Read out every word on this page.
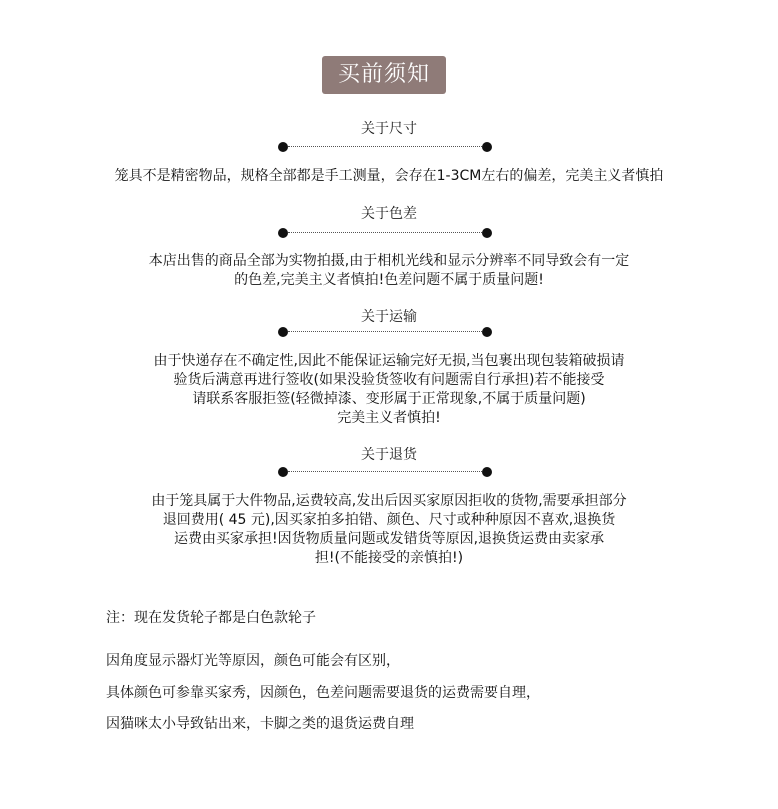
买前须知
关于尺寸
笼具不是精密物品，规格全部都是手工测量，会存在1-3CM左右的偏差，完美主义者慎拍
关于色差
本店出售的商品全部为实物拍摄,由于相机光线和显示分辨率不同导致会有一定
的色差,完美主义者慎拍!色差问题不属于质量问题!
关于运输
由于快递存在不确定性,因此不能保证运输完好无损,当包裹出现包装箱破损请
验货后满意再进行签收(如果没验货签收有问题需自行承担)若不能接受
请联系客服拒签(轻微掉漆、变形属于正常现象,不属于质量问题)
完美主义者慎拍!
关于退货
由于笼具属于大件物品,运费较高,发出后因买家原因拒收的货物,需要承担部分
退回费用( 45 元),因买家拍多拍错、颜色、尺寸或种种原因不喜欢,退换货
运费由买家承担!因货物质量问题或发错货等原因,退换货运费由卖家承
担!(不能接受的亲慎拍!)
注：现在发货轮子都是白色款轮子
因角度显示器灯光等原因，颜色可能会有区别，
具体颜色可参靠买家秀，因颜色，色差问题需要退货的运费需要自理，
因猫咪太小导致钻出来，卡脚之类的退货运费自理
